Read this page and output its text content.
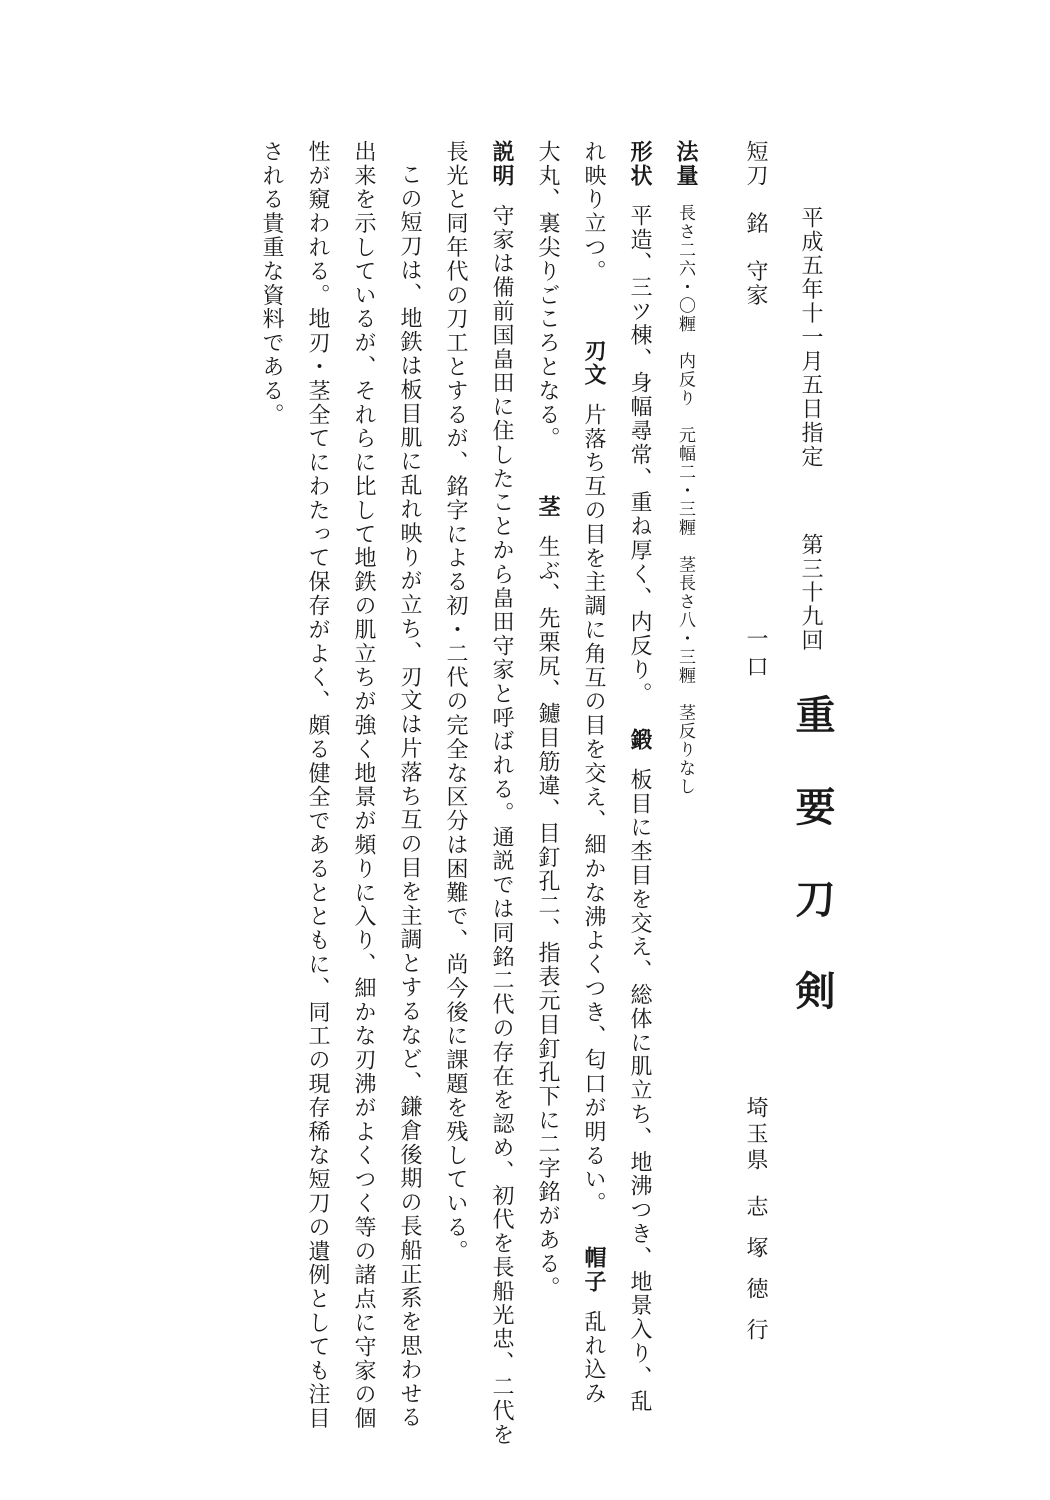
平成五年十一月五日指定
第三十九回
重要刀剣
埼玉県
志塚徳行
短刀　銘　守家
一口
法量長さ二六・〇糎　内反り　元幅二・三糎　茎長さ八・三糎　茎反りなし
形状平造、三ツ棟、身幅尋常、重ね厚く、内反り。鍛板目に杢目を交え、総体に肌立ち、地沸つき、地景入り、乱
れ映り立つ。刃文片落ち互の目を主調に角互の目を交え、細かな沸よくつき、匂口が明るい。帽子乱れ込み
大丸、裏尖りごころとなる。茎生ぶ、先栗尻、鑢目筋違、目釘孔二、指表元目釘孔下に二字銘がある。
説明守家は備前国畠田に住したことから畠田守家と呼ばれる。通説では同銘二代の存在を認め、初代を長船光忠、二代を
長光と同年代の刀工とするが、銘字による初・二代の完全な区分は困難で、尚今後に課題を残している。
この短刀は、地鉄は板目肌に乱れ映りが立ち、刃文は片落ち互の目を主調とするなど、鎌倉後期の長船正系を思わせる
出来を示しているが、それらに比して地鉄の肌立ちが強く地景が頻りに入り、細かな刃沸がよくつく等の諸点に守家の個
性が窺われる。地刃・茎全てにわたって保存がよく、頗る健全であるとともに、同工の現存稀な短刀の遺例としても注目
される貴重な資料である。
